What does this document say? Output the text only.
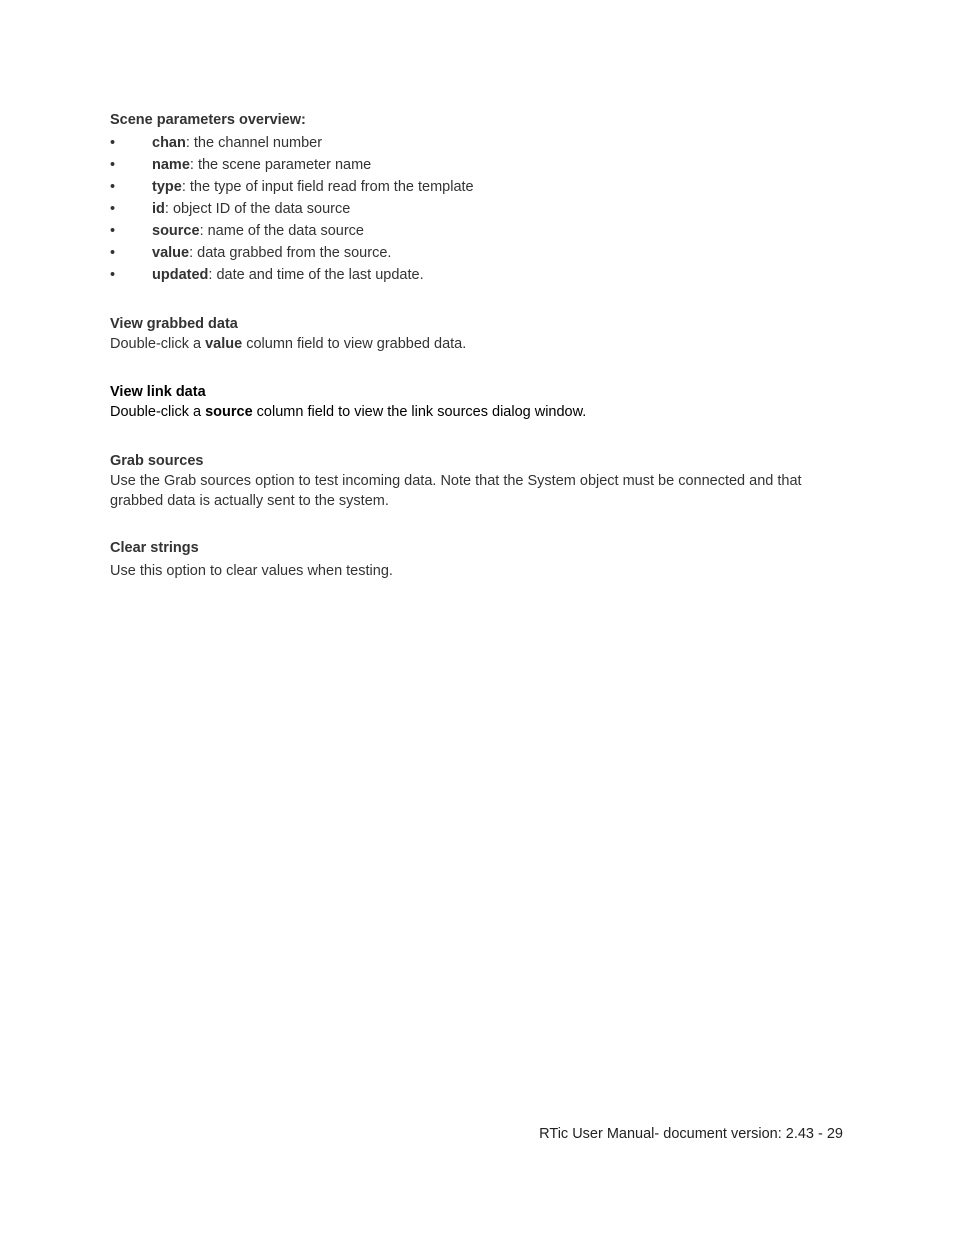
Scene parameters overview:

•	chan: the channel number
•	name: the scene parameter name
•	type: the type of input field read from the template
•	id: object ID of the data source
•	source: name of the data source
•	value: data grabbed from the source.
•	updated: date and time of the last update.

View grabbed data

Double-click a value column field to view grabbed data.

View link data

Double-click a source column field to view the link sources dialog window.

Grab sources

Use the Grab sources option to test incoming data. Note that the System object must be connected and that grabbed data is actually sent to the system.

Clear strings

Use this option to clear values when testing.

RTic User Manual- document version: 2.43 - 29
